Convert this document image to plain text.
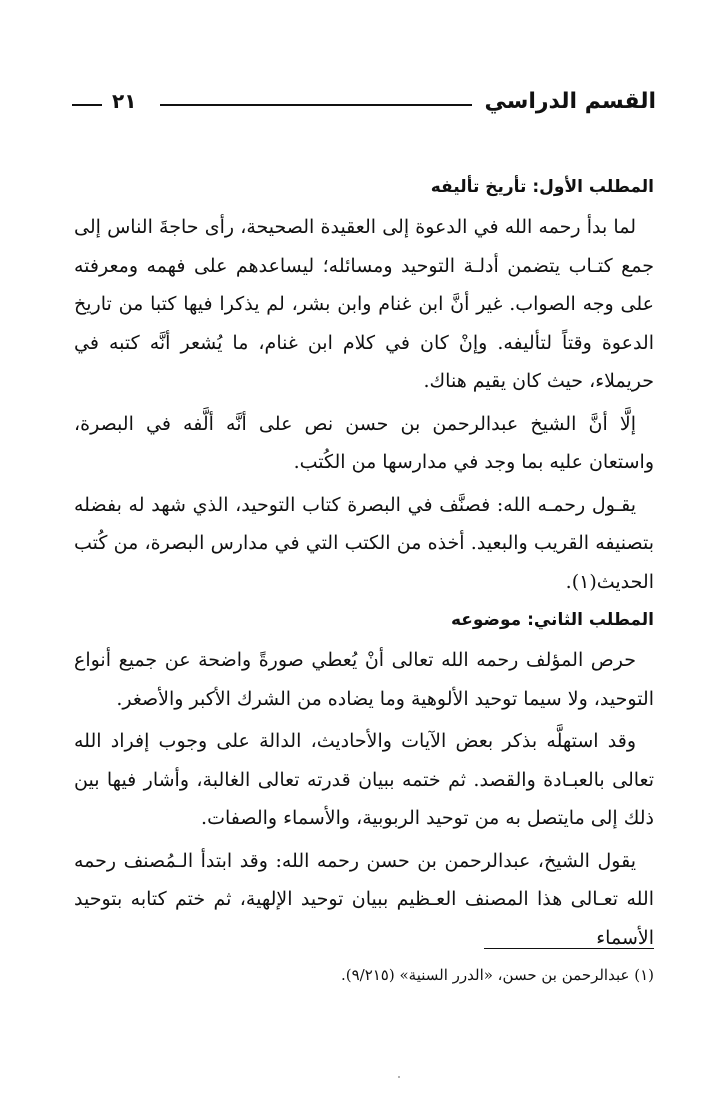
القسم الدراسي
٢١
المطلب الأول: تأريخ تأليفه

لما بدأ رحمه الله في الدعوة إلى العقيدة الصحيحة، رأى حاجةَ الناس إلى جمع كتـاب يتضمن أدلـة التوحيد ومسائله؛ ليساعدهم على فهمه ومعرفته على وجه الصواب. غير أنَّ ابن غنام وابن بشر، لم يذكرا فيها كتبا من تاريخ الدعوة وقتاً لتأليفه. وإنْ كان في كلام ابن غنام، ما يُشعر أنَّه كتبه في حريملاء، حيث كان يقيم هناك.

إلَّا أنَّ الشيخ عبدالرحمن بن حسن نص على أنَّه ألَّفه في البصرة، واستعان عليه بما وجد في مدارسها من الكُتب.

يقـول رحمـه الله: فصنَّف في البصرة كتاب التوحيد، الذي شهد له بفضله بتصنيفه القريب والبعيد. أخذه من الكتب التي في مدارس البصرة، من كُتب الحديث(١).

المطلب الثاني: موضوعه

حرص المؤلف رحمه الله تعالى أنْ يُعطي صورةً واضحة عن جميع أنواع التوحيد، ولا سيما توحيد الألوهية وما يضاده من الشرك الأكبر والأصغر.

وقد استهلَّه بذكر بعض الآيات والأحاديث، الدالة على وجوب إفراد الله تعالى بالعبـادة والقصد. ثم ختمه ببيان قدرته تعالى الغالبة، وأشار فيها بين ذلك إلى مايتصل به من توحيد الربوبية، والأسماء والصفات.

يقول الشيخ، عبدالرحمن بن حسن رحمه الله: وقد ابتدأ الـمُصنف رحمه الله تعـالى هذا المصنف العـظيم ببيان توحيد الإلهية، ثم ختم كتابه بتوحيد الأسماء

(١) عبدالرحمن بن حسن، «الدرر السنية» (٩/٢١٥).
